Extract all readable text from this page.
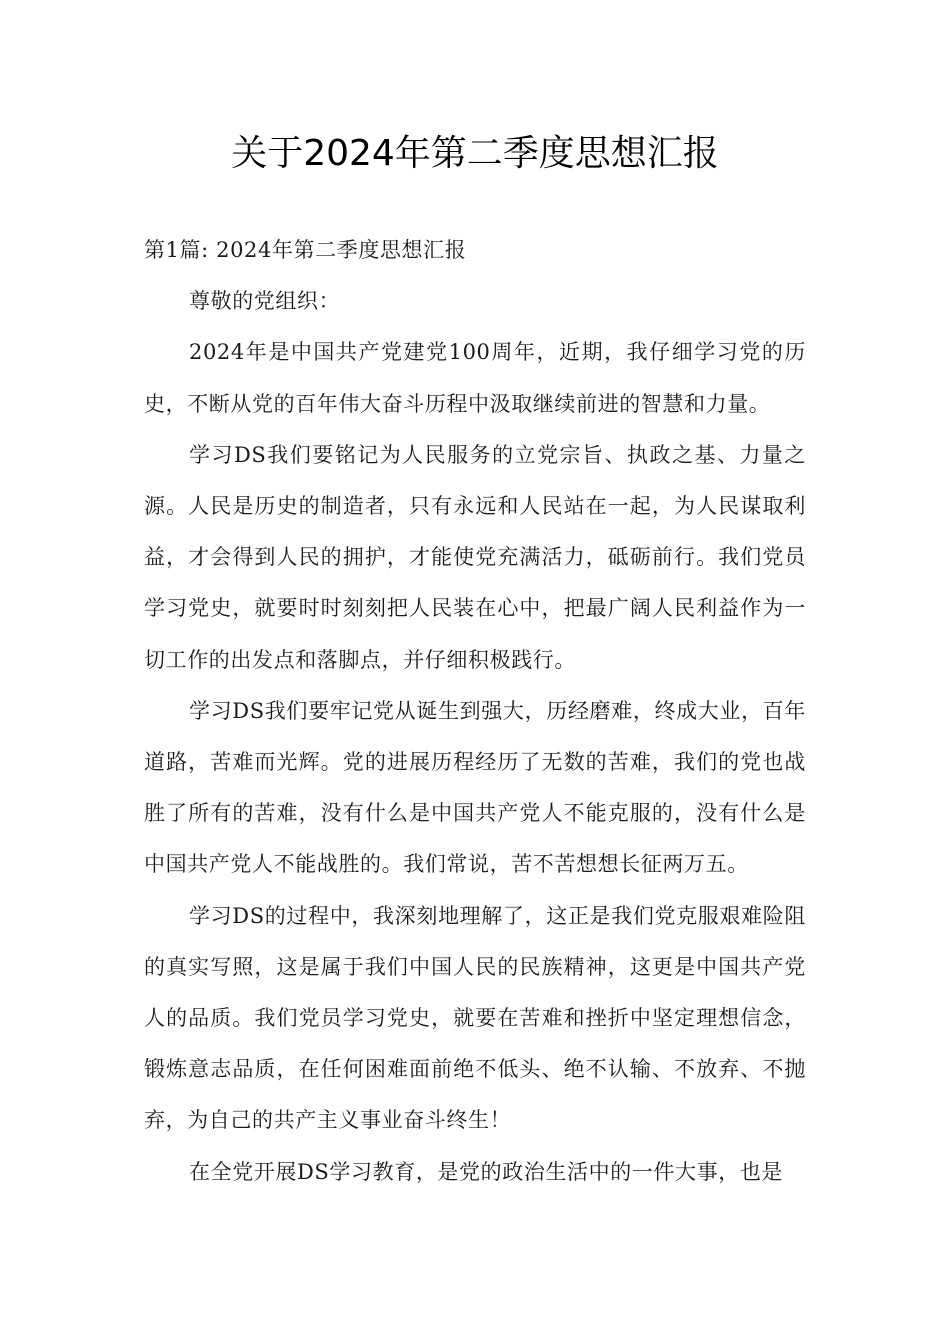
关于2024年第二季度思想汇报

第1篇: 2024年第二季度思想汇报

尊敬的党组织：

2024年是中国共产党建党100周年，近期，我仔细学习党的历史，不断从党的百年伟大奋斗历程中汲取继续前进的智慧和力量。

学习DS我们要铭记为人民服务的立党宗旨、执政之基、力量之源。人民是历史的制造者，只有永远和人民站在一起，为人民谋取利益，才会得到人民的拥护，才能使党充满活力，砥砺前行。我们党员学习党史，就要时时刻刻把人民装在心中，把最广阔人民利益作为一切工作的出发点和落脚点，并仔细积极践行。

学习DS我们要牢记党从诞生到强大，历经磨难，终成大业，百年道路，苦难而光辉。党的进展历程经历了无数的苦难，我们的党也战胜了所有的苦难，没有什么是中国共产党人不能克服的，没有什么是中国共产党人不能战胜的。我们常说，苦不苦想想长征两万五。

学习DS的过程中，我深刻地理解了，这正是我们党克服艰难险阻的真实写照，这是属于我们中国人民的民族精神，这更是中国共产党人的品质。我们党员学习党史，就要在苦难和挫折中坚定理想信念，锻炼意志品质，在任何困难面前绝不低头、绝不认输、不放弃、不抛弃，为自己的共产主义事业奋斗终生！

在全党开展DS学习教育，是党的政治生活中的一件大事，也是
